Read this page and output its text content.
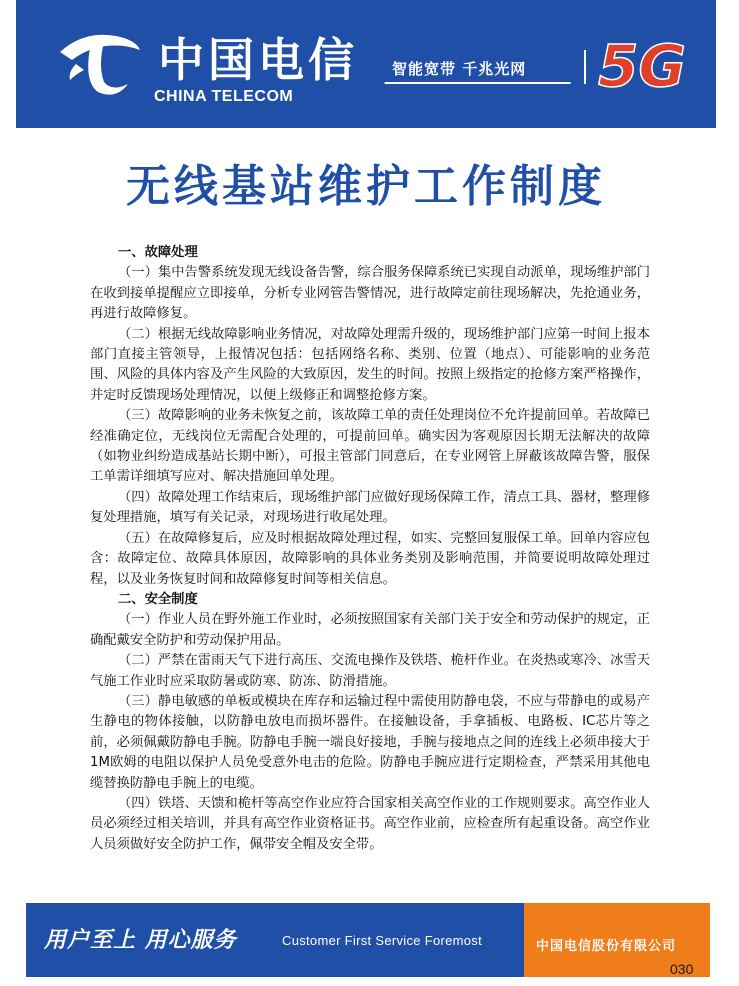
中国电信
CHINA TELECOM
智能宽带 千兆光网 5G
无线基站维护工作制度

一、故障处理

（一）集中告警系统发现无线设备告警，综合服务保障系统已实现自动派单，现场维护部门在收到接单提醒应立即接单，分析专业网管告警情况，进行故障定前往现场解决，先抢通业务，再进行故障修复。

（二）根据无线故障影响业务情况，对故障处理需升级的，现场维护部门应第一时间上报本部门直接主管领导，上报情况包括：包括网络名称、类别、位置（地点）、可能影响的业务范围、风险的具体内容及产生风险的大致原因，发生的时间。按照上级指定的抢修方案严格操作，并定时反馈现场处理情况，以便上级修正和调整抢修方案。

（三）故障影响的业务未恢复之前，该故障工单的责任处理岗位不允许提前回单。若故障已经准确定位，无线岗位无需配合处理的，可提前回单。确实因为客观原因长期无法解决的故障（如物业纠纷造成基站长期中断），可报主管部门同意后，在专业网管上屏蔽该故障告警，服保工单需详细填写应对、解决措施回单处理。

（四）故障处理工作结束后，现场维护部门应做好现场保障工作，清点工具、器材，整理修复处理措施，填写有关记录，对现场进行收尾处理。

（五）在故障修复后，应及时根据故障处理过程，如实、完整回复服保工单。回单内容应包含：故障定位、故障具体原因，故障影响的具体业务类别及影响范围，并简要说明故障处理过程，以及业务恢复时间和故障修复时间等相关信息。

二、安全制度

（一）作业人员在野外施工作业时，必须按照国家有关部门关于安全和劳动保护的规定，正确配戴安全防护和劳动保护用品。

（二）严禁在雷雨天气下进行高压、交流电操作及铁塔、桅杆作业。在炎热或寒冷、冰雪天气施工作业时应采取防暑或防寒、防冻、防滑措施。

（三）静电敏感的单板或模块在库存和运输过程中需使用防静电袋，不应与带静电的或易产生静电的物体接触，以防静电放电而损坏器件。在接触设备，手拿插板、电路板、IC芯片等之前，必须佩戴防静电手腕。防静电手腕一端良好接地，手腕与接地点之间的连线上必须串接大于1M欧姆的电阻以保护人员免受意外电击的危险。防静电手腕应进行定期检查，严禁采用其他电缆替换防静电手腕上的电缆。

（四）铁塔、天馈和桅杆等高空作业应符合国家相关高空作业的工作规则要求。高空作业人员必须经过相关培训，并具有高空作业资格证书。高空作业前，应检查所有起重设备。高空作业人员须做好安全防护工作，佩带安全帽及安全带。

用户至上 用心服务	Customer First Service Foremost	中国电信股份有限公司
030
